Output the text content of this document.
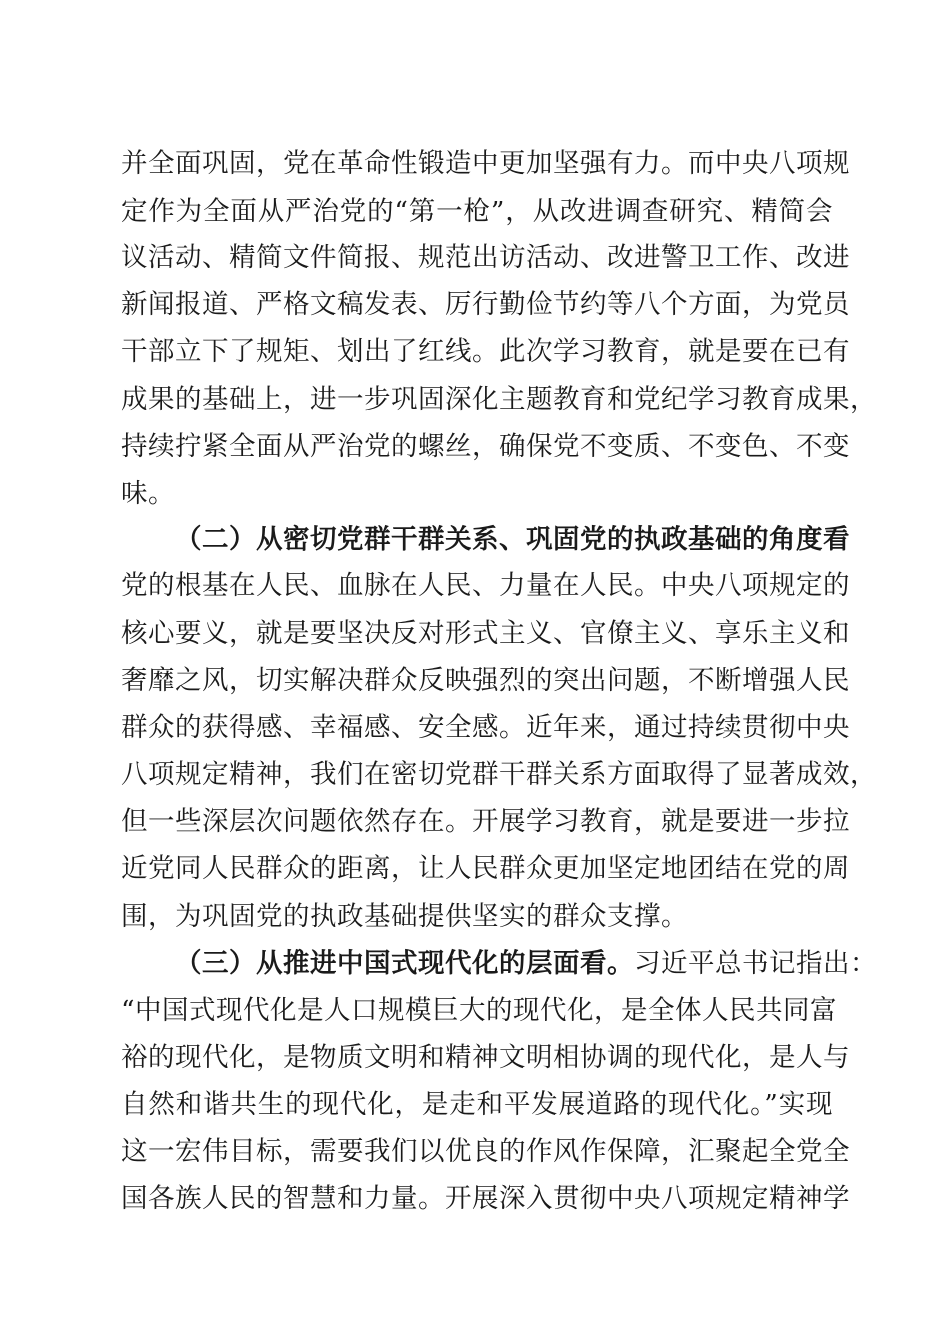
并全面巩固，党在革命性锻造中更加坚强有力。而中央八项规
定作为全面从严治党的“第一枪”，从改进调查研究、精简会
议活动、精简文件简报、规范出访活动、改进警卫工作、改进
新闻报道、严格文稿发表、厉行勤俭节约等八个方面，为党员
干部立下了规矩、划出了红线。此次学习教育，就是要在已有
成果的基础上，进一步巩固深化主题教育和党纪学习教育成果，
持续拧紧全面从严治党的螺丝，确保党不变质、不变色、不变
味。
（二）从密切党群干群关系、巩固党的执政基础的角度看
党的根基在人民、血脉在人民、力量在人民。中央八项规定的
核心要义，就是要坚决反对形式主义、官僚主义、享乐主义和
奢靡之风，切实解决群众反映强烈的突出问题，不断增强人民
群众的获得感、幸福感、安全感。近年来，通过持续贯彻中央
八项规定精神，我们在密切党群干群关系方面取得了显著成效，
但一些深层次问题依然存在。开展学习教育，就是要进一步拉
近党同人民群众的距离，让人民群众更加坚定地团结在党的周
围，为巩固党的执政基础提供坚实的群众支撑。
（三）从推进中国式现代化的层面看。习近平总书记指出：
“中国式现代化是人口规模巨大的现代化，是全体人民共同富
裕的现代化，是物质文明和精神文明相协调的现代化，是人与
自然和谐共生的现代化，是走和平发展道路的现代化。”实现
这一宏伟目标，需要我们以优良的作风作保障，汇聚起全党全
国各族人民的智慧和力量。开展深入贯彻中央八项规定精神学
